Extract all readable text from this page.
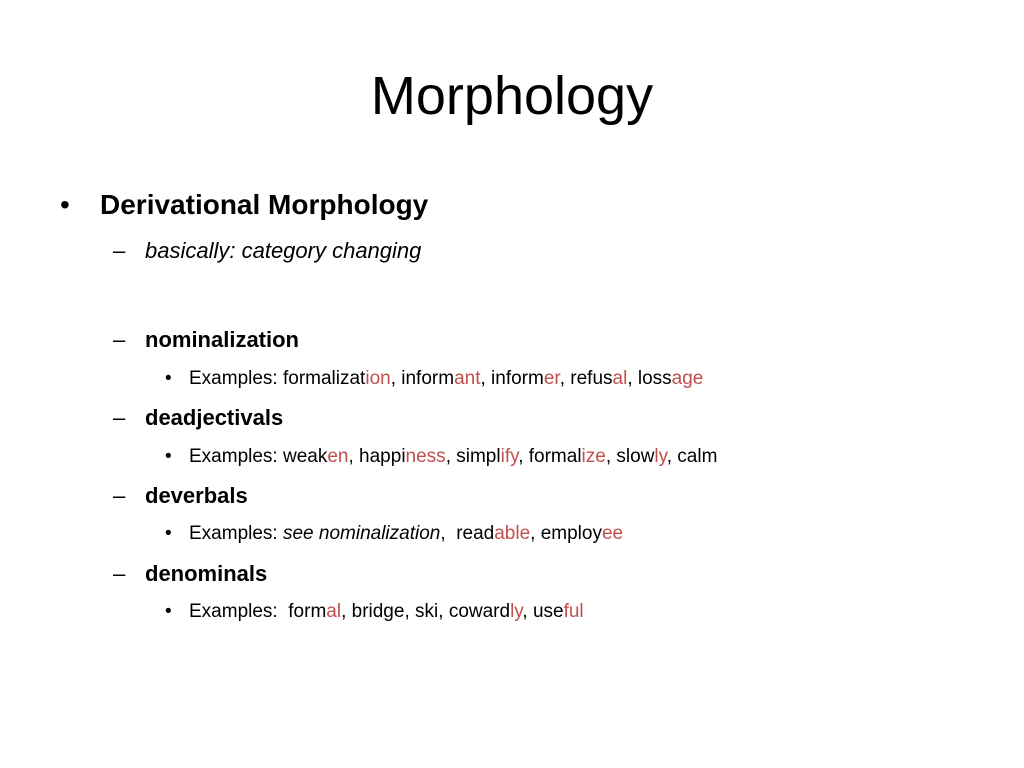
Morphology
• Derivational Morphology
– basically: category changing
– nominalization
• Examples: formalization, informant, informer, refusal, lossage
– deadjectivals
• Examples: weaken, happiness, simplify, formalize, slowly, calm
– deverbals
• Examples: see nominalization,  readable, employee
– denominals
• Examples: formal, bridge, ski, cowardly, useful
